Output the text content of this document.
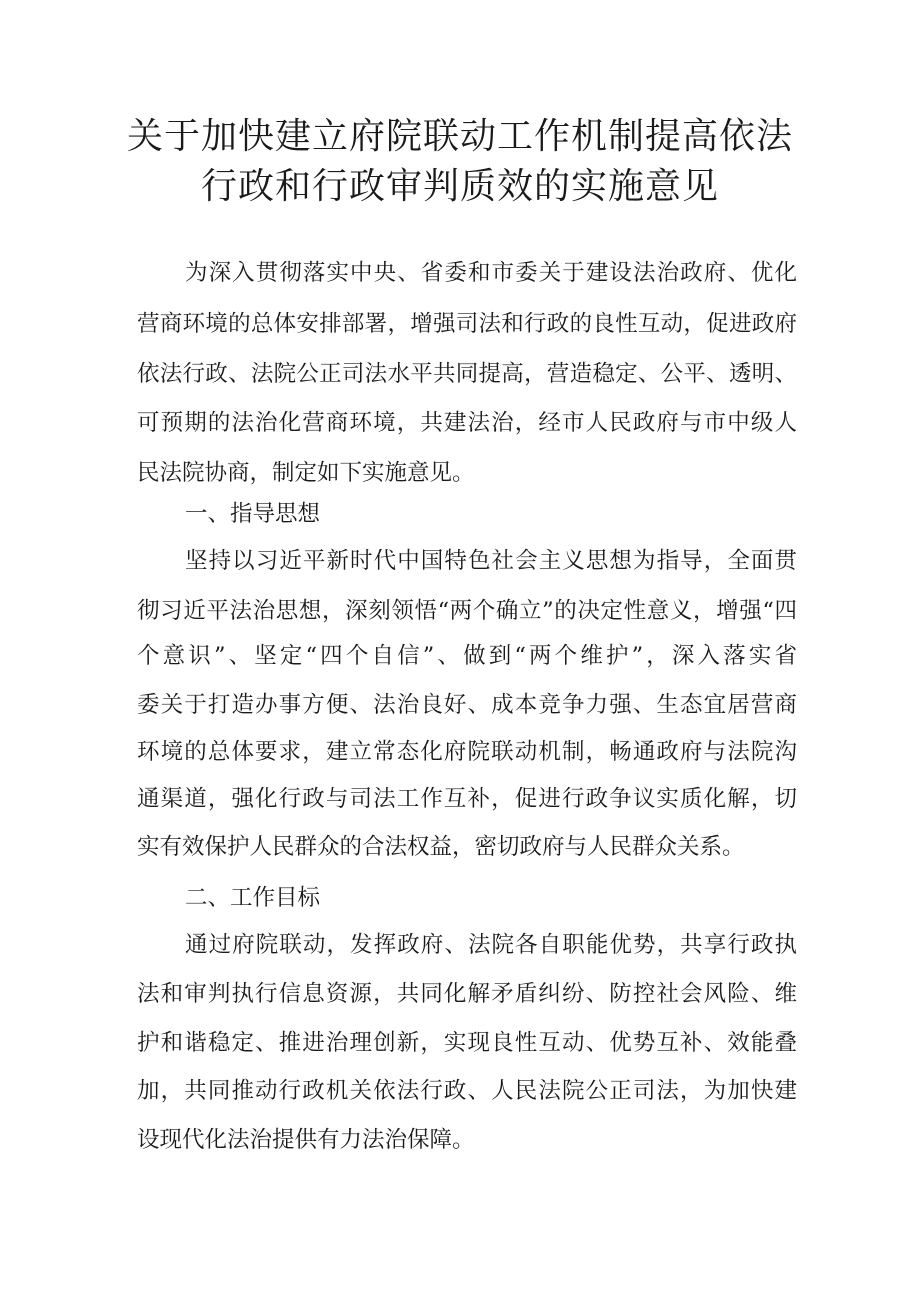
关于加快建立府院联动工作机制提高依法
行政和行政审判质效的实施意见
为深入贯彻落实中央、省委和市委关于建设法治政府、优化
营商环境的总体安排部署，增强司法和行政的良性互动，促进政府
依法行政、法院公正司法水平共同提高，营造稳定、公平、透明、
可预期的法治化营商环境，共建法治，经市人民政府与市中级人
民法院协商，制定如下实施意见。
一、指导思想
坚持以习近平新时代中国特色社会主义思想为指导，全面贯
彻习近平法治思想，深刻领悟“两个确立”的决定性意义，增强“四
个意识”、坚定“四个自信”、做到“两个维护”，深入落实省
委关于打造办事方便、法治良好、成本竞争力强、生态宜居营商
环境的总体要求，建立常态化府院联动机制，畅通政府与法院沟
通渠道，强化行政与司法工作互补，促进行政争议实质化解，切
实有效保护人民群众的合法权益，密切政府与人民群众关系。
二、工作目标
通过府院联动，发挥政府、法院各自职能优势，共享行政执
法和审判执行信息资源，共同化解矛盾纠纷、防控社会风险、维
护和谐稳定、推进治理创新，实现良性互动、优势互补、效能叠
加，共同推动行政机关依法行政、人民法院公正司法，为加快建
设现代化法治提供有力法治保障。
